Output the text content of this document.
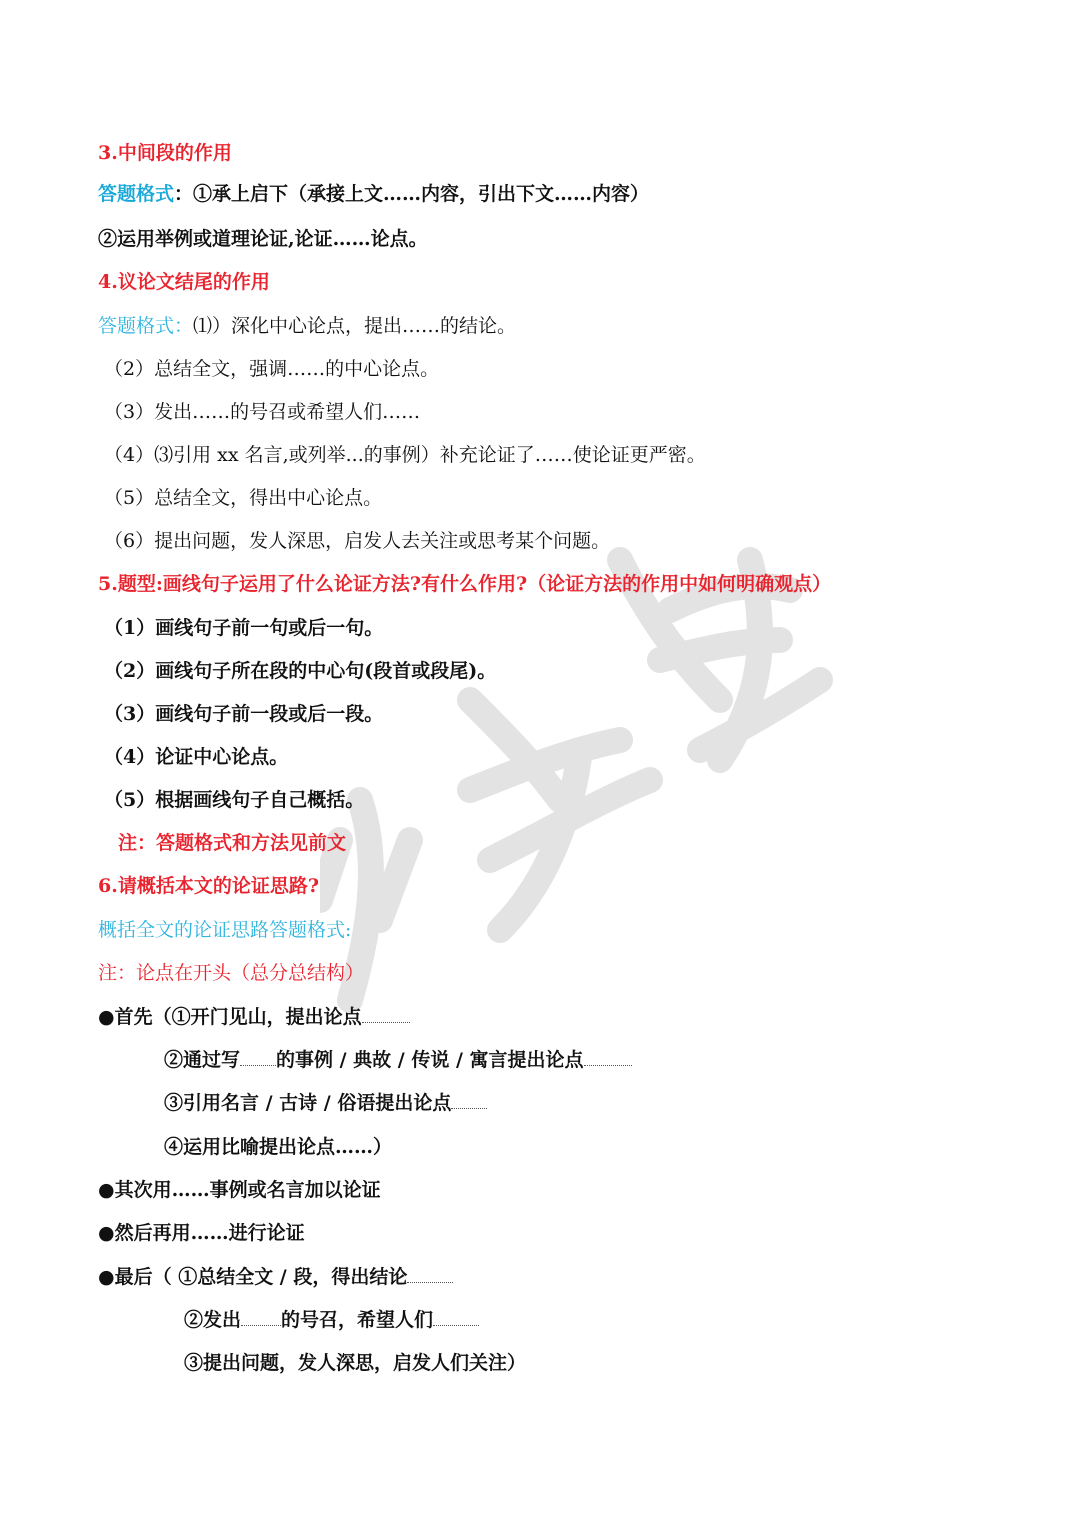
3.中间段的作用
答题格式：①承上启下（承接上文……内容，引出下文……内容）
②运用举例或道理论证,论证……论点。
4.议论文结尾的作用
答题格式：⑴）深化中心论点，提出……的结论。
（2）总结全文，强调……的中心论点。
（3）发出……的号召或希望人们……
（4）⑶引用 xx 名言,或列举...的事例）补充论证了……使论证更严密。
（5）总结全文，得出中心论点。
（6）提出问题，发人深思，启发人去关注或思考某个问题。
5.题型:画线句子运用了什么论证方法?有什么作用?（论证方法的作用中如何明确观点）
（1）画线句子前一句或后一句。
（2）画线句子所在段的中心句(段首或段尾)。
（3）画线句子前一段或后一段。
（4）论证中心论点。
（5）根据画线句子自己概括。
注：答题格式和方法见前文
6.请概括本文的论证思路?
概括全文的论证思路答题格式:
注：论点在开头（总分总结构）
●首先（①开门见山，提出论点
②通过写 的事例 / 典故 / 传说 / 寓言提出论点
③引用名言 / 古诗 / 俗语提出论点
④运用比喻提出论点……）
●其次用……事例或名言加以论证
●然后再用……进行论证
●最后（ ①总结全文 / 段，得出结论
②发出 的号召，希望人们
③提出问题，发人深思，启发人们关注）
